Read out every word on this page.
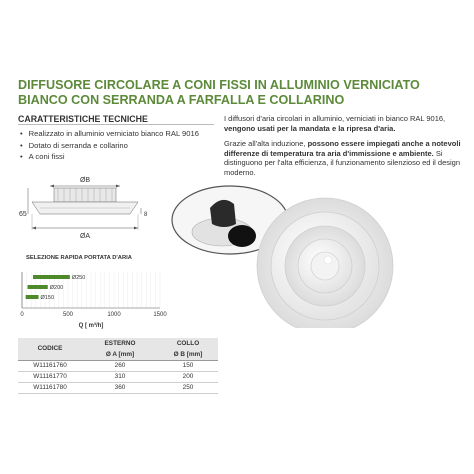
DIFFUSORE CIRCOLARE A CONI FISSI IN ALLUMINIO VERNICIATO
BIANCO CON SERRANDA A FARFALLA E COLLARINO
CARATTERISTICHE TECNICHE
• Realizzato in alluminio verniciato bianco RAL 9016
• Dotato di serranda e collarino
• A coni fissi

I diffusori d'aria circolari in alluminio, verniciati in bianco RAL 9016, vengono usati per la mandata e la ripresa d'aria.

Grazie all'alta induzione, possono essere impiegati anche a notevoli differenze di temperatura tra aria d'immissione e ambiente. Si distinguono per l'alta efficienza, il funzionamento silenzioso ed il design moderno.

ØB
65	8
ØA
SELEZIONE RAPIDA PORTATA D'ARIA
Ø250
Ø200
Ø150
0	500	1000	1500
Q [ m³/h]
CODICE	ESTERNO	COLLO
	Ø A [mm]	Ø B [mm]
W11161760	260	150
W11161770	310	200
W11161780	360	250
